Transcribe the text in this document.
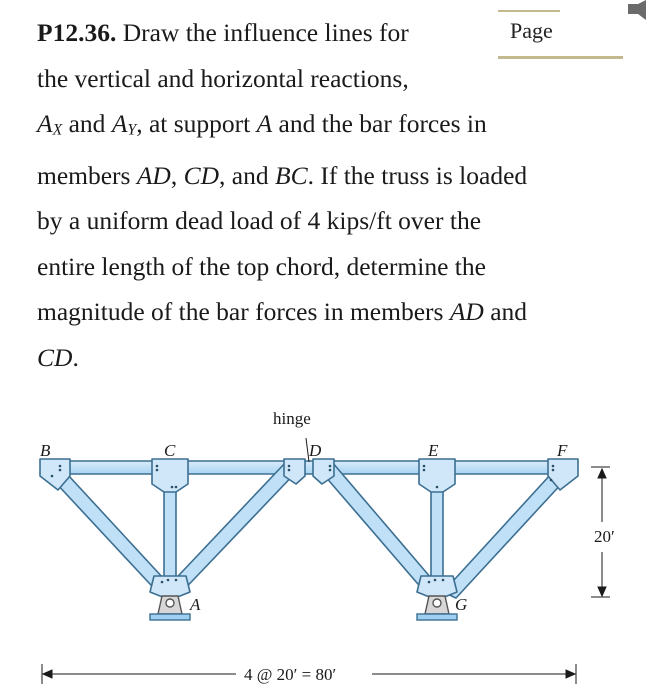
Page
P12.36. Draw the influence lines for
the vertical and horizontal reactions,
$A_X$ and $A_Y$, at support A and the bar forces in
members AD, CD, and BC. If the truss is loaded
by a uniform dead load of 4 kips/ft over the
entire length of the top chord, determine the
magnitude of the bar forces in members AD and
CD.
hinge
B	C	D	E	F
A	G
20′
4 @ 20′ = 80′
